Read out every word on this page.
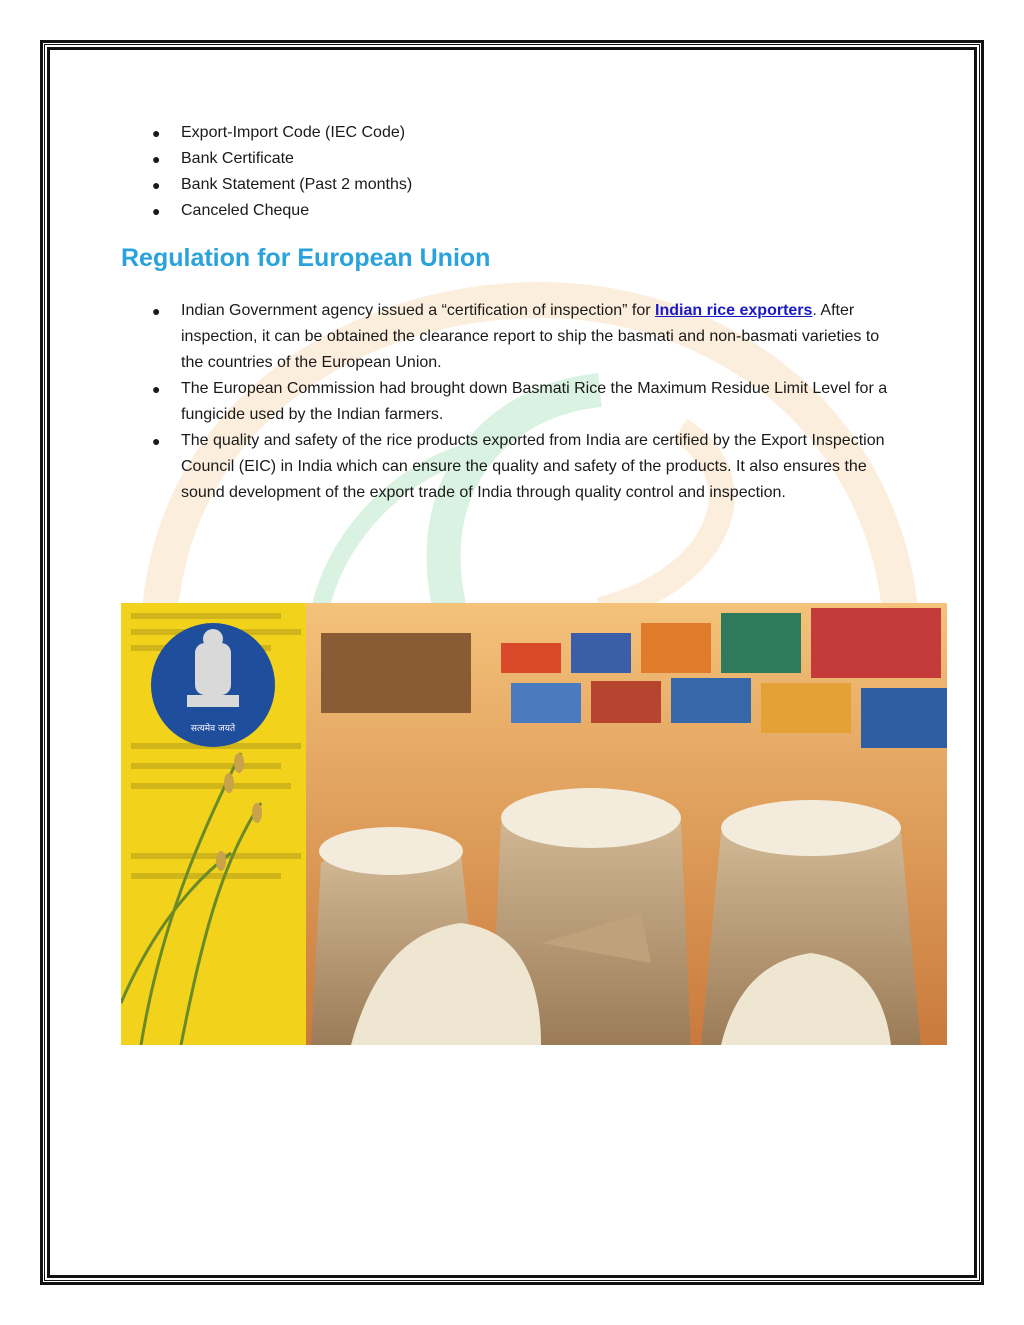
● Export-Import Code (IEC Code)
● Bank Certificate
● Bank Statement (Past 2 months)
● Canceled Cheque
Regulation for European Union
● Indian Government agency issued a “certification of inspection” for Indian rice exporters. After inspection, it can be obtained the clearance report to ship the basmati and non-basmati varieties to the countries of the European Union.
● The European Commission had brought down Basmati Rice the Maximum Residue Limit Level for a fungicide used by the Indian farmers.
● The quality and safety of the rice products exported from India are certified by the Export Inspection Council (EIC) in India which can ensure the quality and safety of the products. It also ensures the sound development of the export trade of India through quality control and inspection.
सत्यमेव जयते
